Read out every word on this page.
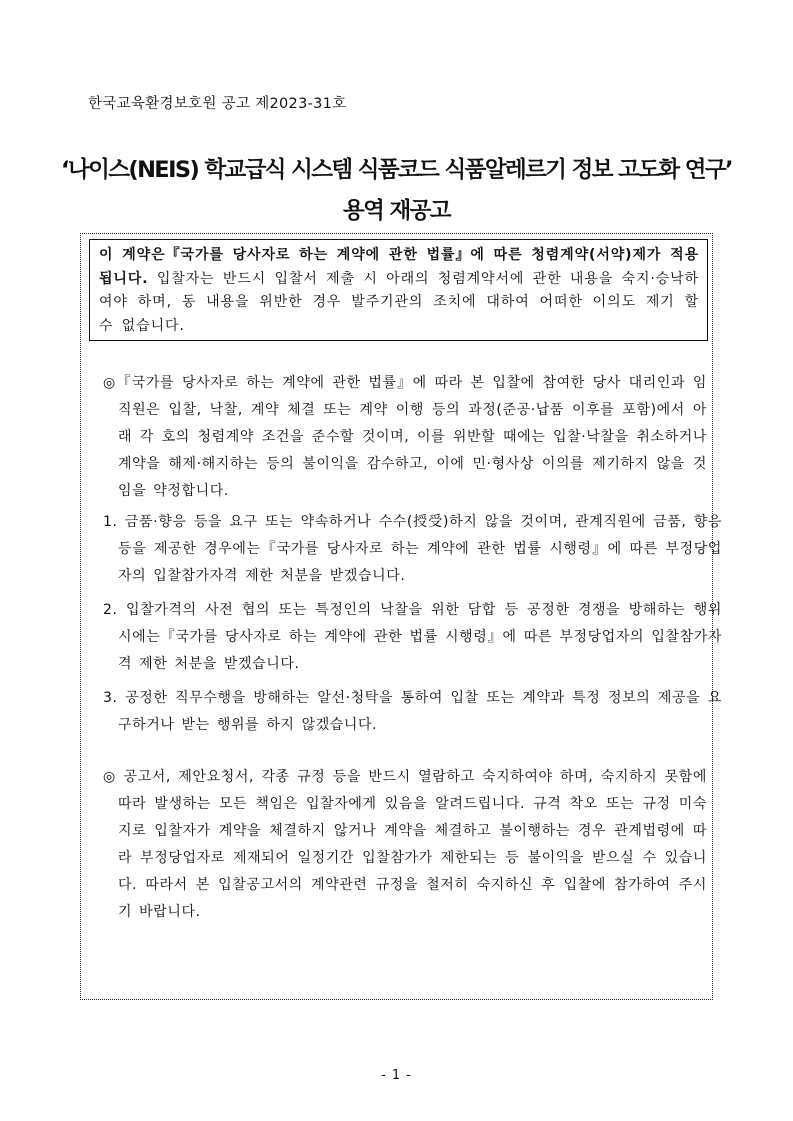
한국교육환경보호원 공고 제2023-31호
‘나이스(NEIS) 학교급식 시스템 식품코드 식품알레르기 정보 고도화 연구’
용역 재공고
이 계약은『국가를 당사자로 하는 계약에 관한 법률』에 따른 청렴계약(서약)제가 적용됩니다. 입찰자는 반드시 입찰서 제출 시 아래의 청렴계약서에 관한 내용을 숙지·승낙하여야 하며, 동 내용을 위반한 경우 발주기관의 조치에 대하여 어떠한 이의도 제기 할 수 없습니다.

◎『국가를 당사자로 하는 계약에 관한 법률』에 따라 본 입찰에 참여한 당사 대리인과 임직원은 입찰, 낙찰, 계약 체결 또는 계약 이행 등의 과정(준공·납품 이후를 포함)에서 아래 각 호의 청렴계약 조건을 준수할 것이며, 이를 위반할 때에는 입찰·낙찰을 취소하거나 계약을 해제·해지하는 등의 불이익을 감수하고, 이에 민·형사상 이의를 제기하지 않을 것임을 약정합니다.

1. 금품·향응 등을 요구 또는 약속하거나 수수(授受)하지 않을 것이며, 관계직원에 금품, 향응 등을 제공한 경우에는『국가를 당사자로 하는 계약에 관한 법률 시행령』에 따른 부정당업자의 입찰참가자격 제한 처분을 받겠습니다.

2. 입찰가격의 사전 협의 또는 특정인의 낙찰을 위한 담합 등 공정한 경쟁을 방해하는 행위 시에는『국가를 당사자로 하는 계약에 관한 법률 시행령』에 따른 부정당업자의 입찰참가자격 제한 처분을 받겠습니다.

3. 공정한 직무수행을 방해하는 알선·청탁을 통하여 입찰 또는 계약과 특정 정보의 제공을 요구하거나 받는 행위를 하지 않겠습니다.

◎ 공고서, 제안요청서, 각종 규정 등을 반드시 열람하고 숙지하여야 하며, 숙지하지 못함에 따라 발생하는 모든 책임은 입찰자에게 있음을 알려드립니다. 규격 착오 또는 규정 미숙지로 입찰자가 계약을 체결하지 않거나 계약을 체결하고 불이행하는 경우 관계법령에 따라 부정당업자로 제재되어 일정기간 입찰참가가 제한되는 등 불이익을 받으실 수 있습니다. 따라서 본 입찰공고서의 계약관련 규정을 철저히 숙지하신 후 입찰에 참가하여 주시기 바랍니다.

- 1 -
